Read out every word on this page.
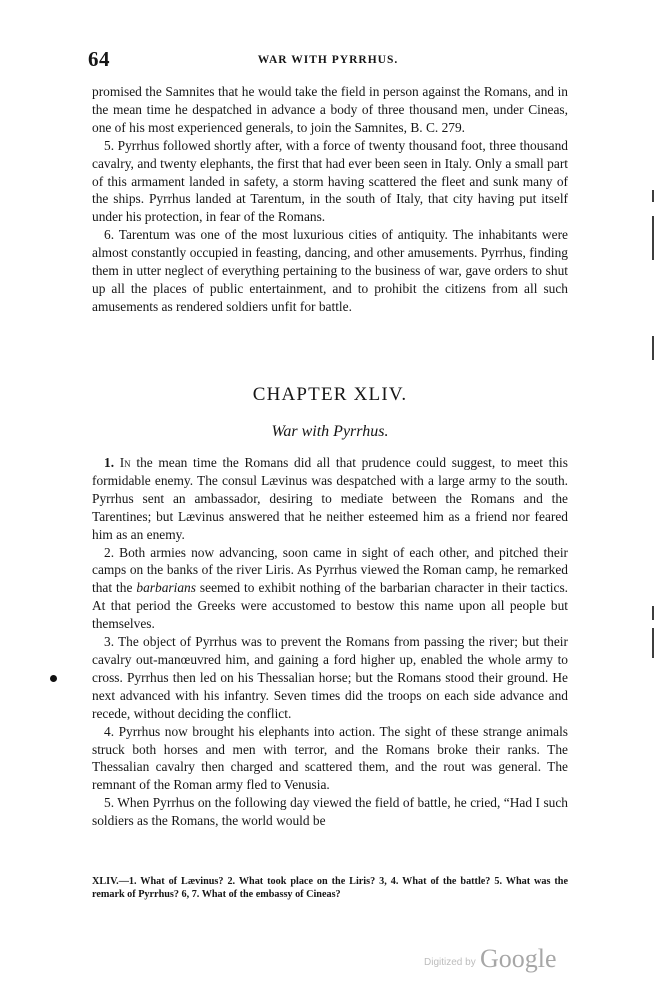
64	WAR WITH PYRRHUS.

promised the Samnites that he would take the field in person against the Romans, and in the mean time he despatched in advance a body of three thousand men, under Cineas, one of his most experienced generals, to join the Samnites, B. C. 279.

5. Pyrrhus followed shortly after, with a force of twenty thousand foot, three thousand cavalry, and twenty elephants, the first that had ever been seen in Italy. Only a small part of this armament landed in safety, a storm having scattered the fleet and sunk many of the ships. Pyrrhus landed at Tarentum, in the south of Italy, that city having put itself under his protection, in fear of the Romans.

6. Tarentum was one of the most luxurious cities of antiquity. The inhabitants were almost constantly occupied in feasting, dancing, and other amusements. Pyrrhus, finding them in utter neglect of everything pertaining to the business of war, gave orders to shut up all the places of public entertainment, and to prohibit the citizens from all such amusements as rendered soldiers unfit for battle.

CHAPTER XLIV.
War with Pyrrhus.

1. In the mean time the Romans did all that prudence could suggest, to meet this formidable enemy. The consul Lævinus was despatched with a large army to the south. Pyrrhus sent an ambassador, desiring to mediate between the Romans and the Tarentines; but Lævinus answered that he neither esteemed him as a friend nor feared him as an enemy.

2. Both armies now advancing, soon came in sight of each other, and pitched their camps on the banks of the river Liris. As Pyrrhus viewed the Roman camp, he remarked that the barbarians seemed to exhibit nothing of the barbarian character in their tactics. At that period the Greeks were accustomed to bestow this name upon all people but themselves.

3. The object of Pyrrhus was to prevent the Romans from passing the river; but their cavalry out-manœuvred him, and gaining a ford higher up, enabled the whole army to cross. Pyrrhus then led on his Thessalian horse; but the Romans stood their ground. He next advanced with his infantry. Seven times did the troops on each side advance and recede, without deciding the conflict.

4. Pyrrhus now brought his elephants into action. The sight of these strange animals struck both horses and men with terror, and the Romans broke their ranks. The Thessalian cavalry then charged and scattered them, and the rout was general. The remnant of the Roman army fled to Venusia.

5. When Pyrrhus on the following day viewed the field of battle, he cried, “Had I such soldiers as the Romans, the world would be

XLIV.—1. What of Lævinus? 2. What took place on the Liris? 3, 4. What of the battle? 5. What was the remark of Pyrrhus? 6, 7. What of the embassy of Cineas?
Digitized by Google
